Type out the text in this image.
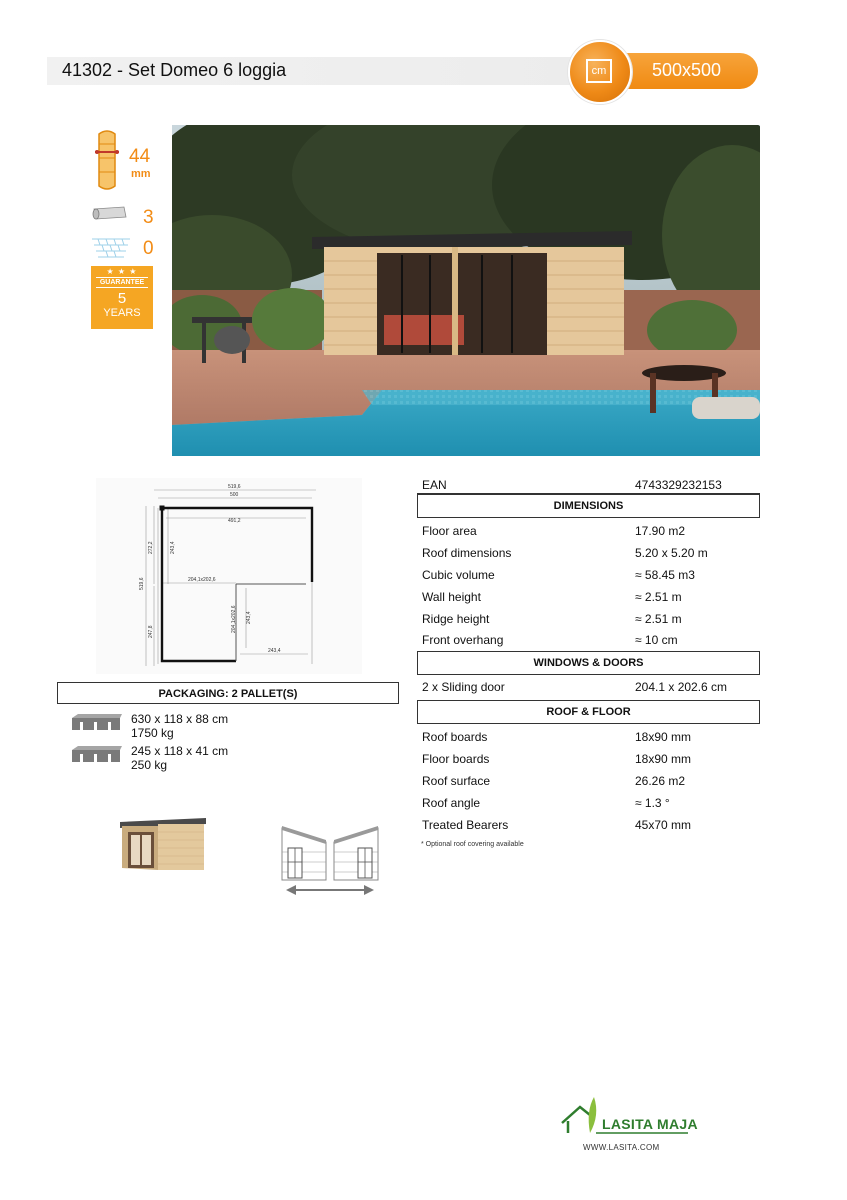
41302 - Set Domeo 6 loggia	500x500
cm
44
mm
3
0
★ ★ ★
GUARANTEE
5
YEARS
519,6
500
491,2
272,2	243,4
519,6	204,1x202,6
204,1x202,6 243,4
247,8
243,4
PACKAGING: 2 PALLET(S)
630 x 118 x 88 cm
1750 kg
245 x 118 x 41 cm
250 kg
EAN	4743329232153
DIMENSIONS
Floor area	17.90 m2
Roof dimensions	5.20 x 5.20 m
Cubic volume	≈ 58.45 m3
Wall height	≈ 2.51 m
Ridge height	≈ 2.51 m
Front overhang	≈ 10 cm
WINDOWS & DOORS
2 x Sliding door	204.1 x 202.6 cm
ROOF & FLOOR
Roof boards	18x90 mm
Floor boards	18x90 mm
Roof surface	26.26 m2
Roof angle	≈ 1.3 °
Treated Bearers	45x70 mm
* Optional roof covering available
LASITA MAJA
WWW.LASITA.COM
